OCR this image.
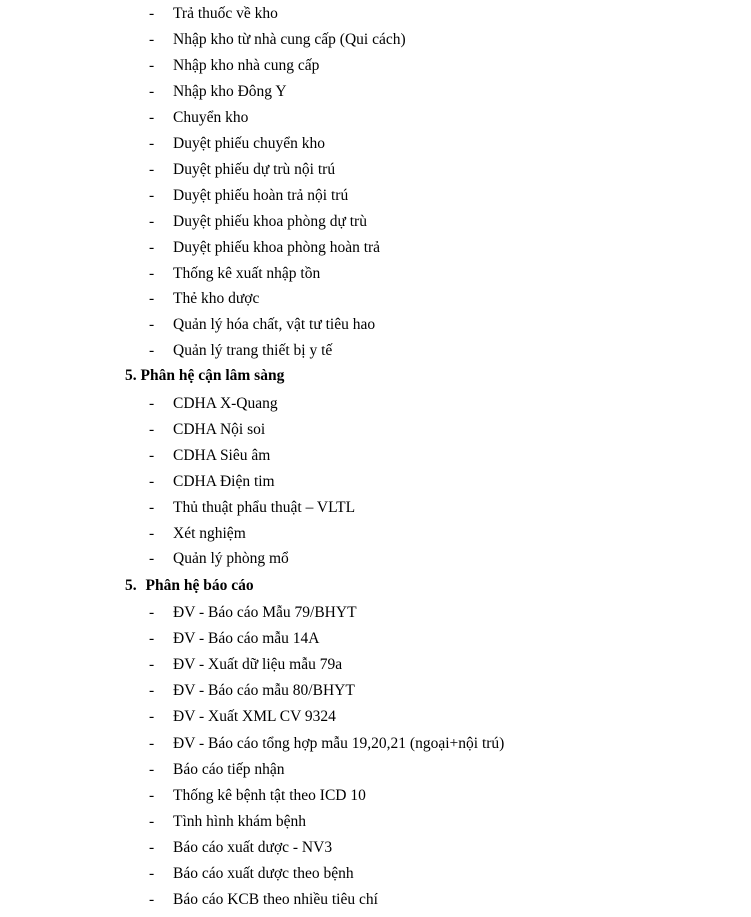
- Trả thuốc về kho
- Nhập kho từ nhà cung cấp (Qui cách)
- Nhập kho nhà cung cấp
- Nhập kho Đông Y
- Chuyển kho
- Duyệt phiếu chuyển kho
- Duyệt phiếu dự trù nội trú
- Duyệt phiếu hoàn trả nội trú
- Duyệt phiếu khoa phòng dự trù
- Duyệt phiếu khoa phòng hoàn trả
- Thống kê xuất nhập tồn
- Thẻ kho dược
- Quản lý hóa chất, vật tư tiêu hao
- Quản lý trang thiết bị y tế
5. Phân hệ cận lâm sàng
- CDHA X-Quang
- CDHA Nội soi
- CDHA Siêu âm
- CDHA Điện tim
- Thủ thuật phẩu thuật – VLTL
- Xét nghiệm
- Quản lý phòng mổ
5. Phân hệ báo cáo
- ĐV - Báo cáo Mẫu 79/BHYT
- ĐV - Báo cáo mẫu 14A
- ĐV - Xuất dữ liệu mẫu 79a
- ĐV - Báo cáo mẫu 80/BHYT
- ĐV - Xuất XML CV 9324
- ĐV - Báo cáo tổng hợp mẫu 19,20,21 (ngoại+nội trú)
- Báo cáo tiếp nhận
- Thống kê bệnh tật theo ICD 10
- Tình hình khám bệnh
- Báo cáo xuất dược - NV3
- Báo cáo xuất dược theo bệnh
- Báo cáo KCB theo nhiều tiêu chí
